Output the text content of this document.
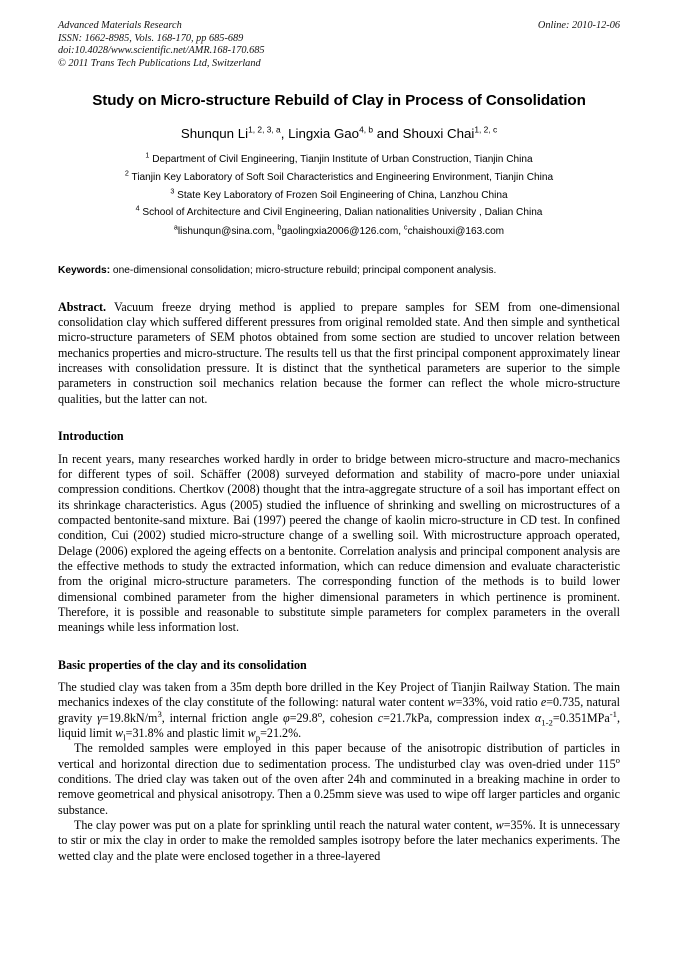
Advanced Materials Research	Online: 2010-12-06
ISSN: 1662-8985, Vols. 168-170, pp 685-689
doi:10.4028/www.scientific.net/AMR.168-170.685
© 2011 Trans Tech Publications Ltd, Switzerland
Study on Micro-structure Rebuild of Clay in Process of Consolidation
Shunqun Li$^{1, 2, 3, a}$, Lingxia Gao$^{4, b}$ and Shouxi Chai$^{1, 2, c}$
$^1$ Department of Civil Engineering, Tianjin Institute of Urban Construction, Tianjin China
$^2$ Tianjin Key Laboratory of Soft Soil Characteristics and Engineering Environment, Tianjin China
$^3$ State Key Laboratory of Frozen Soil Engineering of China, Lanzhou China
$^4$ School of Architecture and Civil Engineering, Dalian nationalities University , Dalian China
$^a$lishunqun@sina.com, $^b$gaolingxia2006@126.com, $^c$chaishouxi@163.com
Keywords: one-dimensional consolidation; micro-structure rebuild; principal component analysis.

Abstract. Vacuum freeze drying method is applied to prepare samples for SEM from one-dimensional consolidation clay which suffered different pressures from original remolded state. And then simple and synthetical micro-structure parameters of SEM photos obtained from some section are studied to uncover relation between mechanics properties and micro-structure. The results tell us that the first principal component approximately linear increases with consolidation pressure. It is distinct that the synthetical parameters are superior to the simple parameters in construction soil mechanics relation because the former can reflect the whole micro-structure qualities, but the latter can not.

Introduction

In recent years, many researches worked hardly in order to bridge between micro-structure and macro-mechanics for different types of soil. Schäffer (2008) surveyed deformation and stability of macro-pore under uniaxial compression conditions. Chertkov (2008) thought that the intra-aggregate structure of a soil has important effect on its shrinkage characteristics. Agus (2005) studied the influence of shrinking and swelling on microstructures of a compacted bentonite-sand mixture. Bai (1997) peered the change of kaolin micro-structure in CD test. In confined condition, Cui (2002) studied micro-structure change of a swelling soil. With microstructure approach operated, Delage (2006) explored the ageing effects on a bentonite. Correlation analysis and principal component analysis are the effective methods to study the extracted information, which can reduce dimension and evaluate characteristic from the original micro-structure parameters. The corresponding function of the methods is to build lower dimensional combined parameter from the higher dimensional parameters in which pertinence is prominent. Therefore, it is possible and reasonable to substitute simple parameters for complex parameters in the overall meanings while less information lost.

Basic properties of the clay and its consolidation

The studied clay was taken from a 35m depth bore drilled in the Key Project of Tianjin Railway Station. The main mechanics indexes of the clay constitute of the following: natural water content w=33%, void ratio e=0.735, natural gravity $\gamma=19.8kN/m^3$, internal friction angle $\varphi=29.8^o$, cohesion c=21.7kPa, compression index $\alpha_{1-2}=0.351MPa^{-1}$, liquid limit $w_l=31.8\%$ and plastic limit $w_p=21.2\%$.

The remolded samples were employed in this paper because of the anisotropic distribution of particles in vertical and horizontal direction due to sedimentation process. The undisturbed clay was oven-dried under 115$^o$ conditions. The dried clay was taken out of the oven after 24h and comminuted in a breaking machine in order to remove geometrical and physical anisotropy. Then a 0.25mm sieve was used to wipe off larger particles and organic substance.

The clay power was put on a plate for sprinkling until reach the natural water content, w=35%. It is unnecessary to stir or mix the clay in order to make the remolded samples isotropy before the later mechanics experiments. The wetted clay and the plate were enclosed together in a three-layered
